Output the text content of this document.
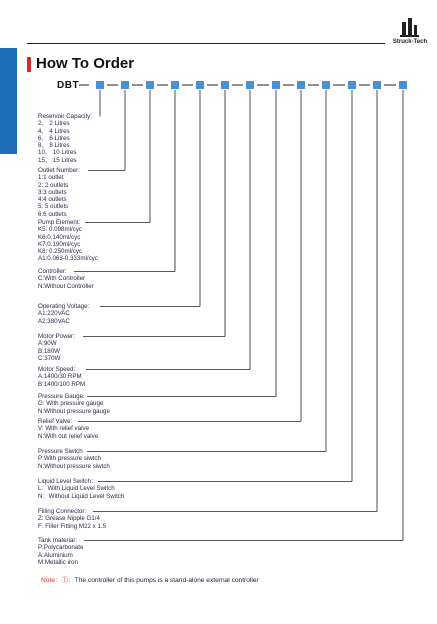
Struck-Tech
How To Order
DBT
Reservoir Capacity:
2、 2 Litres
4、 4 Litres
6、 6 Litres
8、 8 Litres
10、 10 Litres
15、 15 Litres
Outlet Number:
1:1 outlet
2: 2 outlets
3:3 outlets
4:4 outlets
5: 5 outlets
6:6 outlets
Pump Element:
K5: 0.098ml/cyc
K6:0.140ml/cyc
K7:0.190ml/cyc
K8: 0.250ml/cyc
A1:0.063-0.333ml/cyc
Controller:
C:With Controller
N:Without Controller
Operating Voltage：
A1:220VAC
A2:380VAC
Motor Power：
A:90W
B:180W
C:370W
Motor Speed：
A:1400/30 RPM
B:1400/100 RPM
Pressure Gauge:
G: With pressure gauge
N:Without pressure gauge
Relief Valve:
V: With relief valve
N:With out relief valve
Pressure Siwtch
P:With pressure siwtch
N:Without pressure siwtch
Liquid Level Switch：
L：With Liquid Level Switch
N：Without Liquid Level Switch
Filling Connector:
Z: Grease Nipple G1/4
F: Filler Fitting M22 x 1.5
Tank material：
P:Polycarbonate
A:Aluminium
M:Metallic iron
Note：①：The controller of this pumps is a stand-alone external controller
